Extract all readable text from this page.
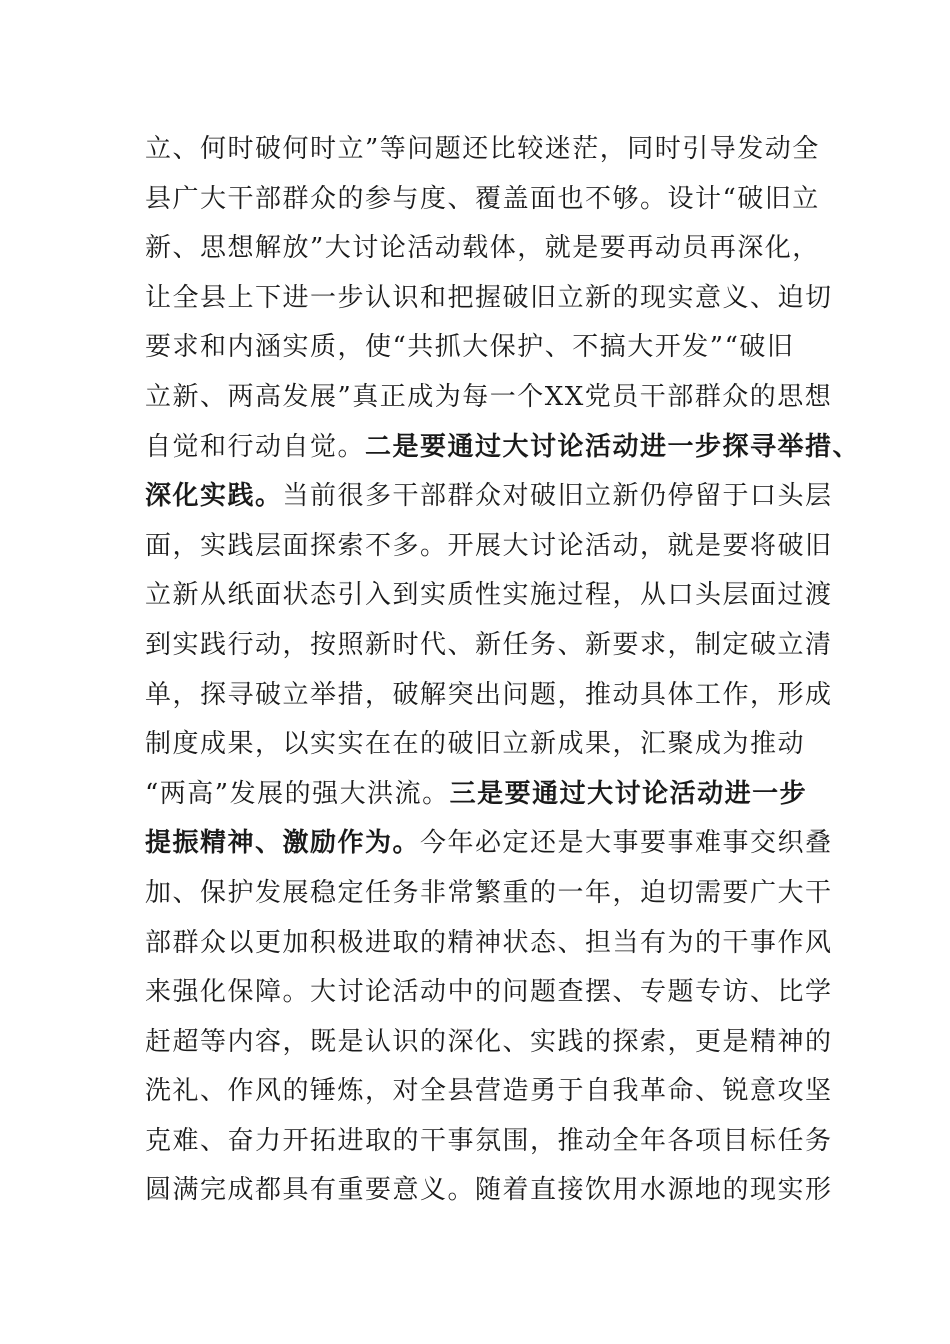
立、何时破何时立”等问题还比较迷茫，同时引导发动全
县广大干部群众的参与度、覆盖面也不够。设计“破旧立
新、思想解放”大讨论活动载体，就是要再动员再深化，
让全县上下进一步认识和把握破旧立新的现实意义、迫切
要求和内涵实质，使“共抓大保护、不搞大开发”“破旧
立新、两高发展”真正成为每一个XX党员干部群众的思想
自觉和行动自觉。二是要通过大讨论活动进一步探寻举措、
深化实践。当前很多干部群众对破旧立新仍停留于口头层
面，实践层面探索不多。开展大讨论活动，就是要将破旧
立新从纸面状态引入到实质性实施过程，从口头层面过渡
到实践行动，按照新时代、新任务、新要求，制定破立清
单，探寻破立举措，破解突出问题，推动具体工作，形成
制度成果，以实实在在的破旧立新成果，汇聚成为推动
“两高”发展的强大洪流。三是要通过大讨论活动进一步
提振精神、激励作为。今年必定还是大事要事难事交织叠
加、保护发展稳定任务非常繁重的一年，迫切需要广大干
部群众以更加积极进取的精神状态、担当有为的干事作风
来强化保障。大讨论活动中的问题查摆、专题专访、比学
赶超等内容，既是认识的深化、实践的探索，更是精神的
洗礼、作风的锤炼，对全县营造勇于自我革命、锐意攻坚
克难、奋力开拓进取的干事氛围，推动全年各项目标任务
圆满完成都具有重要意义。随着直接饮用水源地的现实形
